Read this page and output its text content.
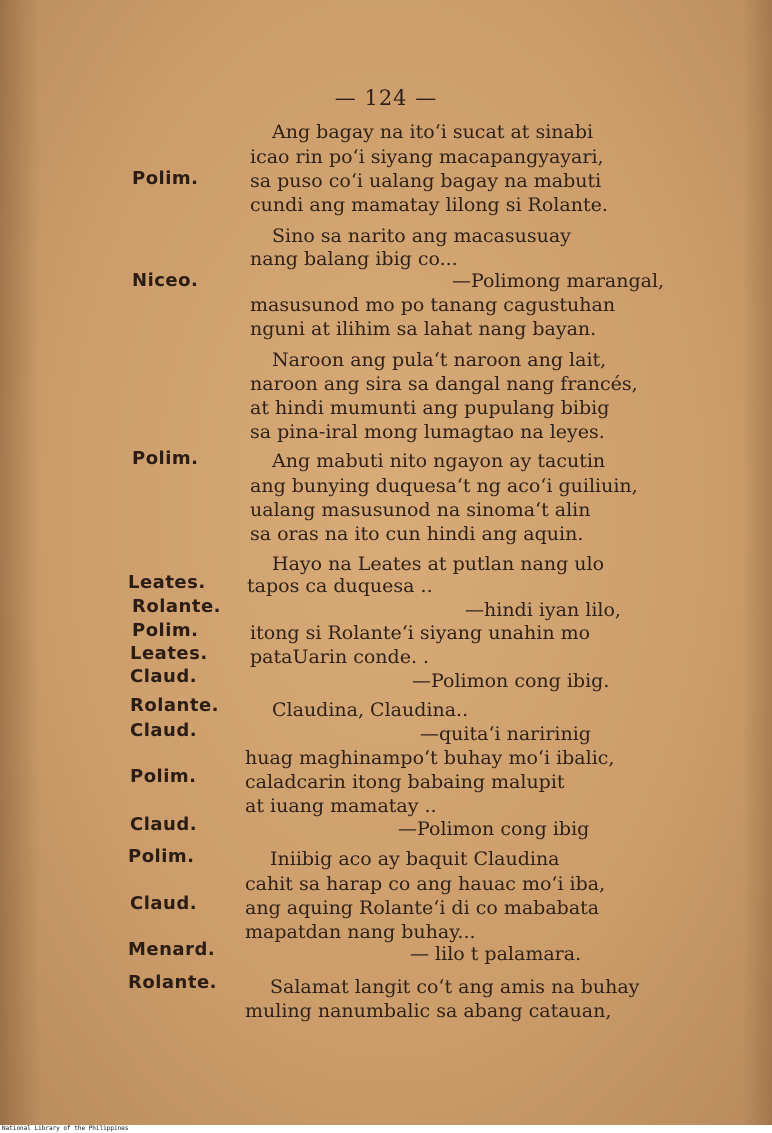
— 124 —
Polim.
Niceo.
Polim.
Leates.
Rolante.
Polim.
Leates.
Claud.
Rolante.
Claud.
Polim.
Claud.
Polim.
Claud.
Menard.
Rolante.
Ang bagay na ito‘i sucat at sinabi
icao rin po‘i siyang macapangyayari,
sa puso co‘i ualang bagay na mabuti
cundi ang mamatay lilong si Rolante.
Sino sa narito ang macasusuay
nang balang ibig co...
—Polimong marangal,
masusunod mo po tanang cagustuhan
nguni at ilihim sa lahat nang bayan.
Naroon ang pula‘t naroon ang lait,
naroon ang sira sa dangal nang francés,
at hindi mumunti ang pupulang bibig
sa pina-iral mong lumagtao na leyes.
Ang mabuti nito ngayon ay tacutin
ang bunying duquesa‘t ng aco‘i guiliuin,
ualang masusunod na sinoma‘t alin
sa oras na ito cun hindi ang aquin.
Hayo na Leates at putlan nang ulo
tapos ca duquesa ..
—hindi iyan lilo,
itong si Rolante‘i siyang unahin mo
pataUarin conde. .
—Polimon cong ibig.
Claudina, Claudina..
—quita‘i naririnig
huag maghinampo‘t buhay mo‘i ibalic,
caladcarin itong babaing malupit
at iuang mamatay ..
—Polimon cong ibig
Iniibig aco ay baquit Claudina
cahit sa harap co ang hauac mo‘i iba,
ang aquing Rolante‘i di co mababata
mapatdan nang buhay...
— lilo t palamara.
Salamat langit co‘t ang amis na buhay
muling nanumbalic sa abang catauan,
National Library of the Philippines
